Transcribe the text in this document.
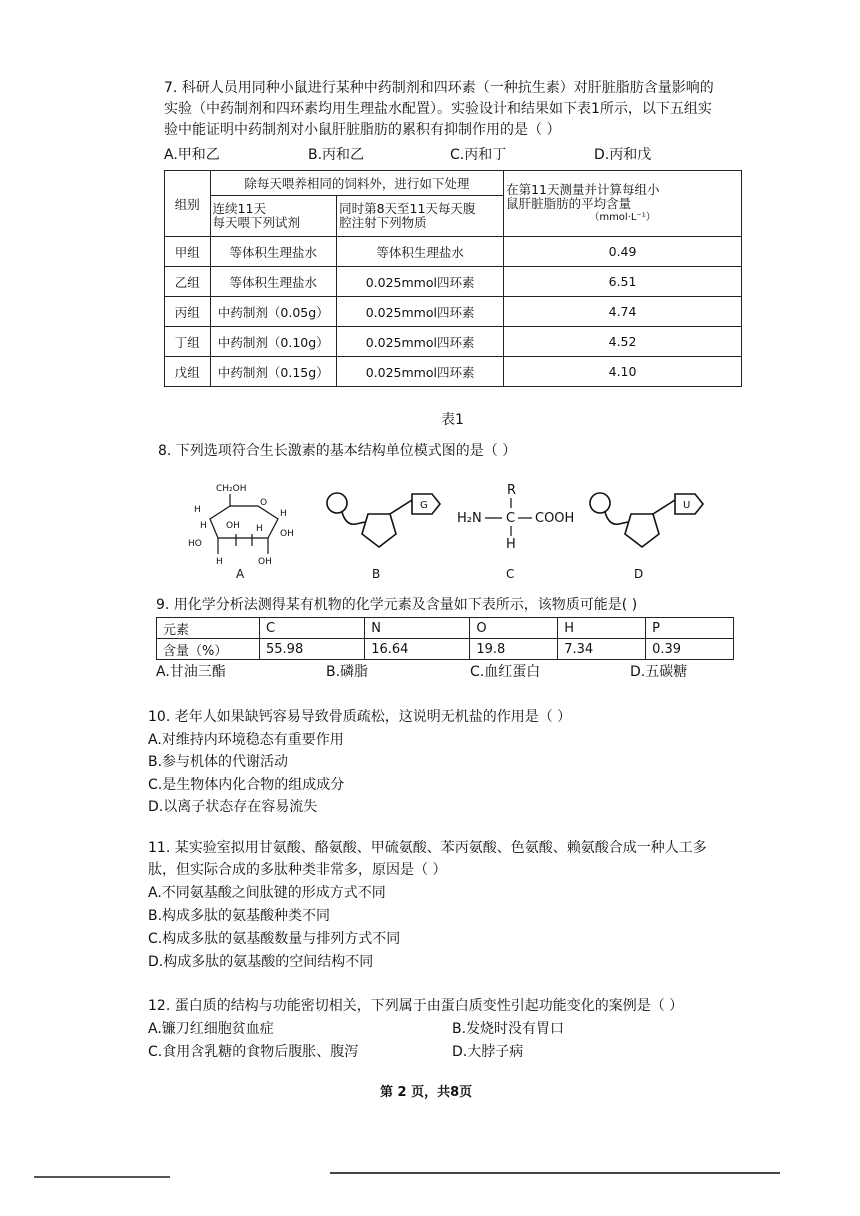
7. 科研人员用同种小鼠进行某种中药制剂和四环素（一种抗生素）对肝脏脂肪含量影响的
实验（中药制剂和四环素均用生理盐水配置）。实验设计和结果如下表1所示，以下五组实
验中能证明中药制剂对小鼠肝脏脂肪的累积有抑制作用的是（ ）
A.甲和乙	B.丙和乙	C.丙和丁	D.丙和戊
组别	除每天喂养相同的饲料外，进行如下处理		在第11天测量并计算每组小
鼠肝脏脂肪的平均含量
（mmol·L⁻¹）

	连续11天
每天喂下列试剂	同时第8天至11天每天腹
腔注射下列物质	

甲组	等体积生理盐水	等体积生理盐水	0.49
乙组	等体积生理盐水	0.025mmol四环素	6.51
丙组	中药制剂（0.05g）	0.025mmol四环素	4.74
丁组	中药制剂（0.10g）	0.025mmol四环素	4.52
戊组	中药制剂（0.15g）	0.025mmol四环素	4.10
表1
8. 下列选项符合生长激素的基本结构单位模式图的是（ ）
CH₂OH
O
H
H OH H
H
OH
HO
H	OH
G
R
H₂N C COOH
H
U
A	B	C	D
9. 用化学分析法测得某有机物的化学元素及含量如下表所示，该物质可能是( )
元素	C	N	O	H	P
含量（%）	55.98	16.64	19.8	7.34	0.39
A.甘油三酯	B.磷脂	C.血红蛋白	D.五碳糖
10. 老年人如果缺钙容易导致骨质疏松，这说明无机盐的作用是（ ）
A.对维持内环境稳态有重要作用
B.参与机体的代谢活动
C.是生物体内化合物的组成成分
D.以离子状态存在容易流失
11. 某实验室拟用甘氨酸、酪氨酸、甲硫氨酸、苯丙氨酸、色氨酸、赖氨酸合成一种人工多
肽，但实际合成的多肽种类非常多，原因是（ ）
A.不同氨基酸之间肽键的形成方式不同
B.构成多肽的氨基酸种类不同
C.构成多肽的氨基酸数量与排列方式不同
D.构成多肽的氨基酸的空间结构不同
12. 蛋白质的结构与功能密切相关，下列属于由蛋白质变性引起功能变化的案例是（ ）
A.镰刀红细胞贫血症	B.发烧时没有胃口
C.食用含乳糖的食物后腹胀、腹泻	D.大脖子病
第 2 页，共8页
